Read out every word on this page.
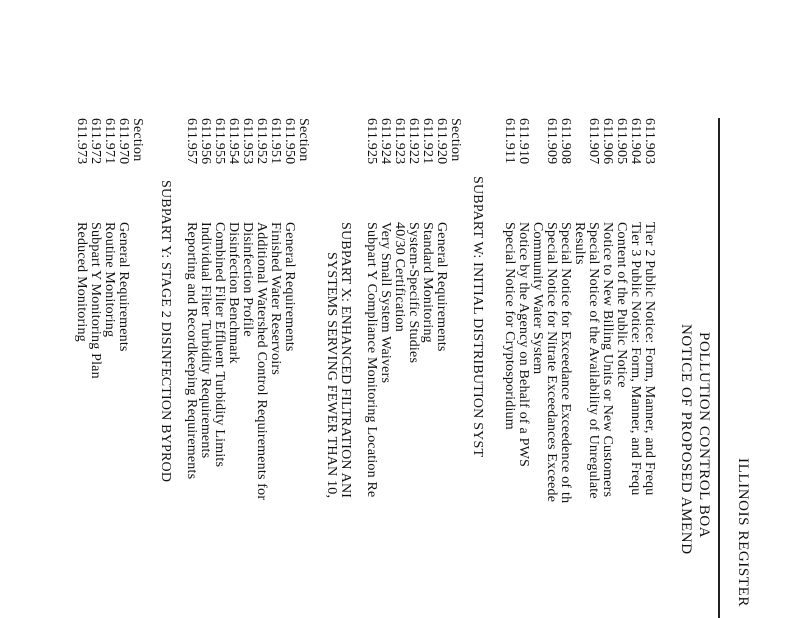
ILLINOIS REGISTER
POLLUTION CONTROL BOA
NOTICE OF PROPOSED AMEND
611.903
Tier 2 Public Notice: Form, Manner, and Frequ
611.904
Tier 3 Public Notice: Form, Manner, and Frequ
611.905
Content of the Public Notice
611.906
Notice to New Billing Units or New Customers
611.907
Special Notice of the Availability of Unregulate
Results
611.908
Special Notice for Exceedance Exceedence of th
611.909
Special Notice for Nitrate Exceedances Exceede
Community Water System
611.910
Notice by the Agency on Behalf of a PWS
611.911
Special Notice for Cryptosporidium
SUBPART W: INITIAL DISTRIBUTION SYST
Section
611.920
General Requirements
611.921
Standard Monitoring
611.922
System-Specific Studies
611.923
40/30 Certification
611.924
Very Small System Waivers
611.925
Subpart Y Compliance Monitoring Location Re
SUBPART X: ENHANCED FILTRATION ANI
SYSTEMS SERVING FEWER THAN 10,
Section
611.950
General Requirements
611.951
Finished Water Reservoirs
611.952
Additional Watershed Control Requirements for
611.953
Disinfection Profile
611.954
Disinfection Benchmark
611.955
Combined Filter Effluent Turbidity Limits
611.956
Individual Filter Turbidity Requirements
611.957
Reporting and Recordkeeping Requirements
SUBPART Y: STAGE 2 DISINFECTION BYPROD
Section
611.970
General Requirements
611.971
Routine Monitoring
611.972
Subpart Y Monitoring Plan
611.973
Reduced Monitoring
